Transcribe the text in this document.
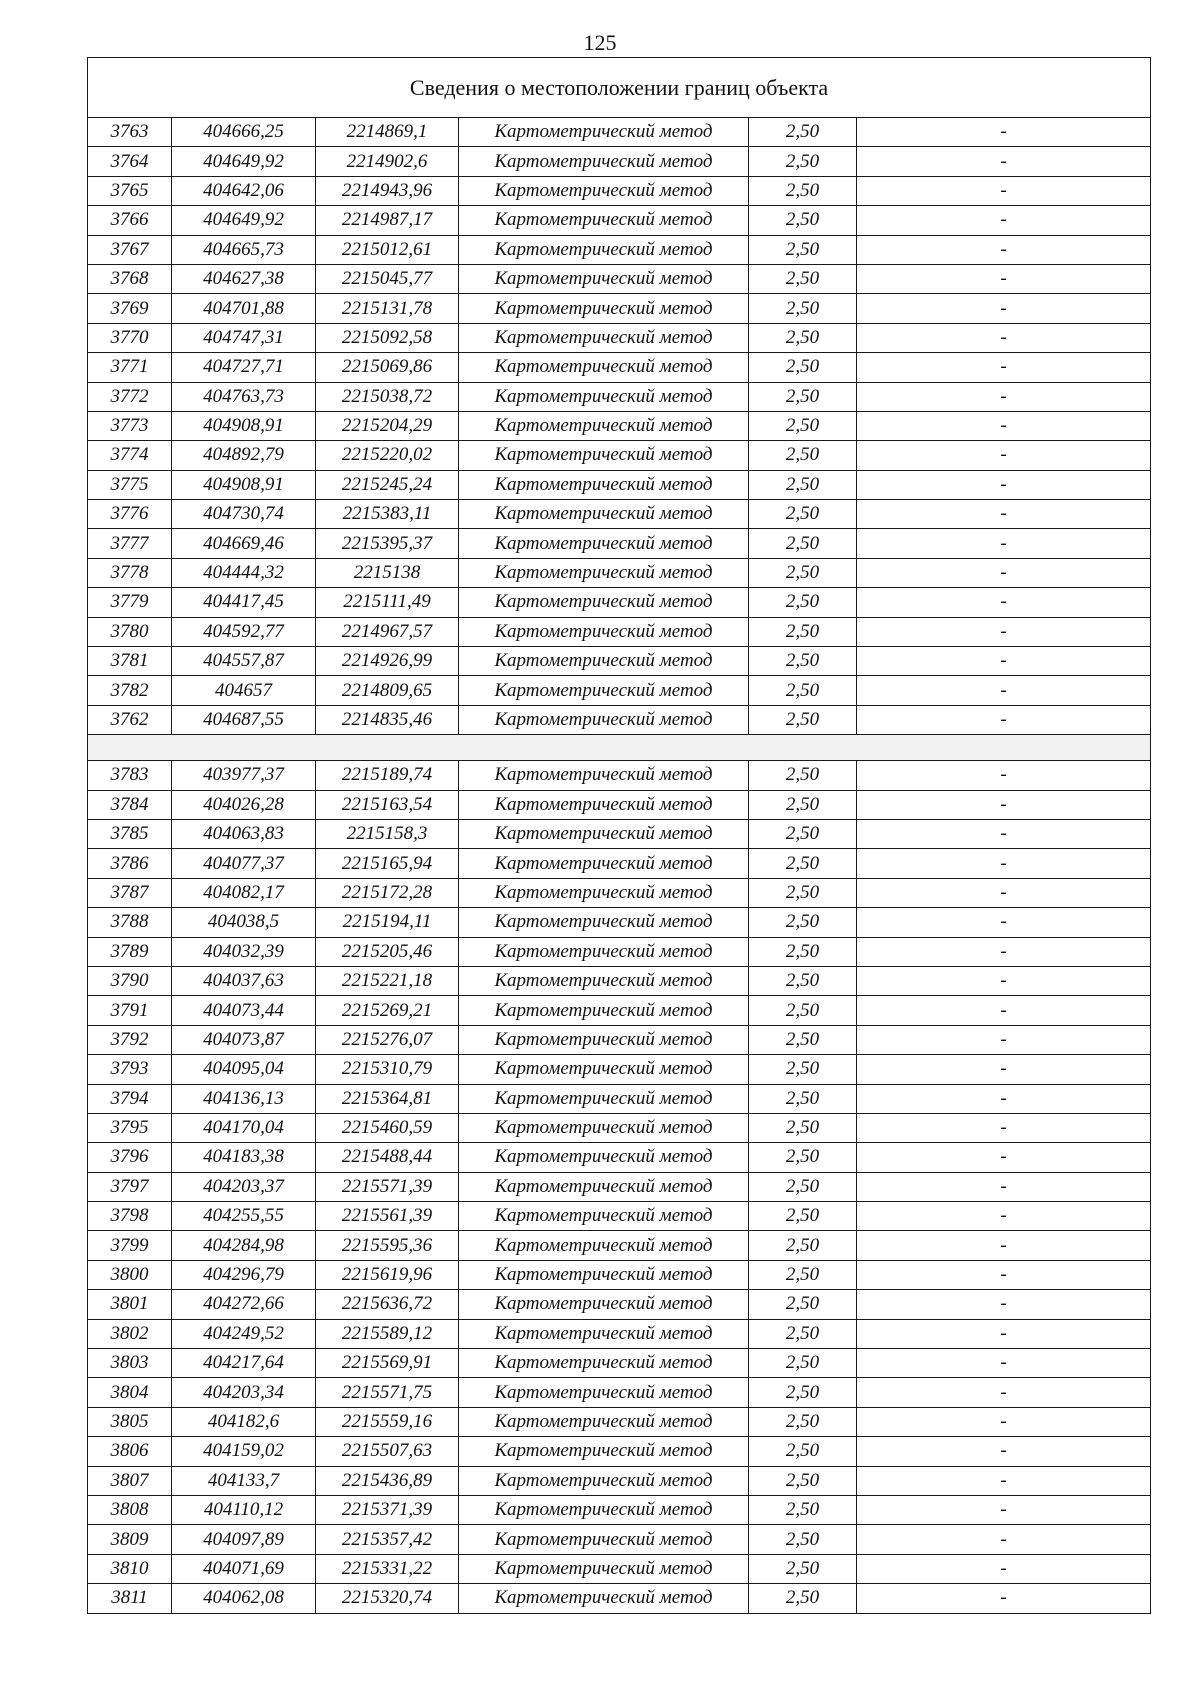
125
Сведения о местоположении границ объекта					
3763	404666,25	2214869,1	Картометрический метод	2,50	-
3764	404649,92	2214902,6	Картометрический метод	2,50	-
3765	404642,06	2214943,96	Картометрический метод	2,50	-
3766	404649,92	2214987,17	Картометрический метод	2,50	-
3767	404665,73	2215012,61	Картометрический метод	2,50	-
3768	404627,38	2215045,77	Картометрический метод	2,50	-
3769	404701,88	2215131,78	Картометрический метод	2,50	-
3770	404747,31	2215092,58	Картометрический метод	2,50	-
3771	404727,71	2215069,86	Картометрический метод	2,50	-
3772	404763,73	2215038,72	Картометрический метод	2,50	-
3773	404908,91	2215204,29	Картометрический метод	2,50	-
3774	404892,79	2215220,02	Картометрический метод	2,50	-
3775	404908,91	2215245,24	Картометрический метод	2,50	-
3776	404730,74	2215383,11	Картометрический метод	2,50	-
3777	404669,46	2215395,37	Картометрический метод	2,50	-
3778	404444,32	2215138	Картометрический метод	2,50	-
3779	404417,45	2215111,49	Картометрический метод	2,50	-
3780	404592,77	2214967,57	Картометрический метод	2,50	-
3781	404557,87	2214926,99	Картометрический метод	2,50	-
3782	404657	2214809,65	Картометрический метод	2,50	-
3762	404687,55	2214835,46	Картометрический метод	2,50	-

3783	403977,37	2215189,74	Картометрический метод	2,50	-
3784	404026,28	2215163,54	Картометрический метод	2,50	-
3785	404063,83	2215158,3	Картометрический метод	2,50	-
3786	404077,37	2215165,94	Картометрический метод	2,50	-
3787	404082,17	2215172,28	Картометрический метод	2,50	-
3788	404038,5	2215194,11	Картометрический метод	2,50	-
3789	404032,39	2215205,46	Картометрический метод	2,50	-
3790	404037,63	2215221,18	Картометрический метод	2,50	-
3791	404073,44	2215269,21	Картометрический метод	2,50	-
3792	404073,87	2215276,07	Картометрический метод	2,50	-
3793	404095,04	2215310,79	Картометрический метод	2,50	-
3794	404136,13	2215364,81	Картометрический метод	2,50	-
3795	404170,04	2215460,59	Картометрический метод	2,50	-
3796	404183,38	2215488,44	Картометрический метод	2,50	-
3797	404203,37	2215571,39	Картометрический метод	2,50	-
3798	404255,55	2215561,39	Картометрический метод	2,50	-
3799	404284,98	2215595,36	Картометрический метод	2,50	-
3800	404296,79	2215619,96	Картометрический метод	2,50	-
3801	404272,66	2215636,72	Картометрический метод	2,50	-
3802	404249,52	2215589,12	Картометрический метод	2,50	-
3803	404217,64	2215569,91	Картометрический метод	2,50	-
3804	404203,34	2215571,75	Картометрический метод	2,50	-
3805	404182,6	2215559,16	Картометрический метод	2,50	-
3806	404159,02	2215507,63	Картометрический метод	2,50	-
3807	404133,7	2215436,89	Картометрический метод	2,50	-
3808	404110,12	2215371,39	Картометрический метод	2,50	-
3809	404097,89	2215357,42	Картометрический метод	2,50	-
3810	404071,69	2215331,22	Картометрический метод	2,50	-
3811	404062,08	2215320,74	Картометрический метод	2,50	-
